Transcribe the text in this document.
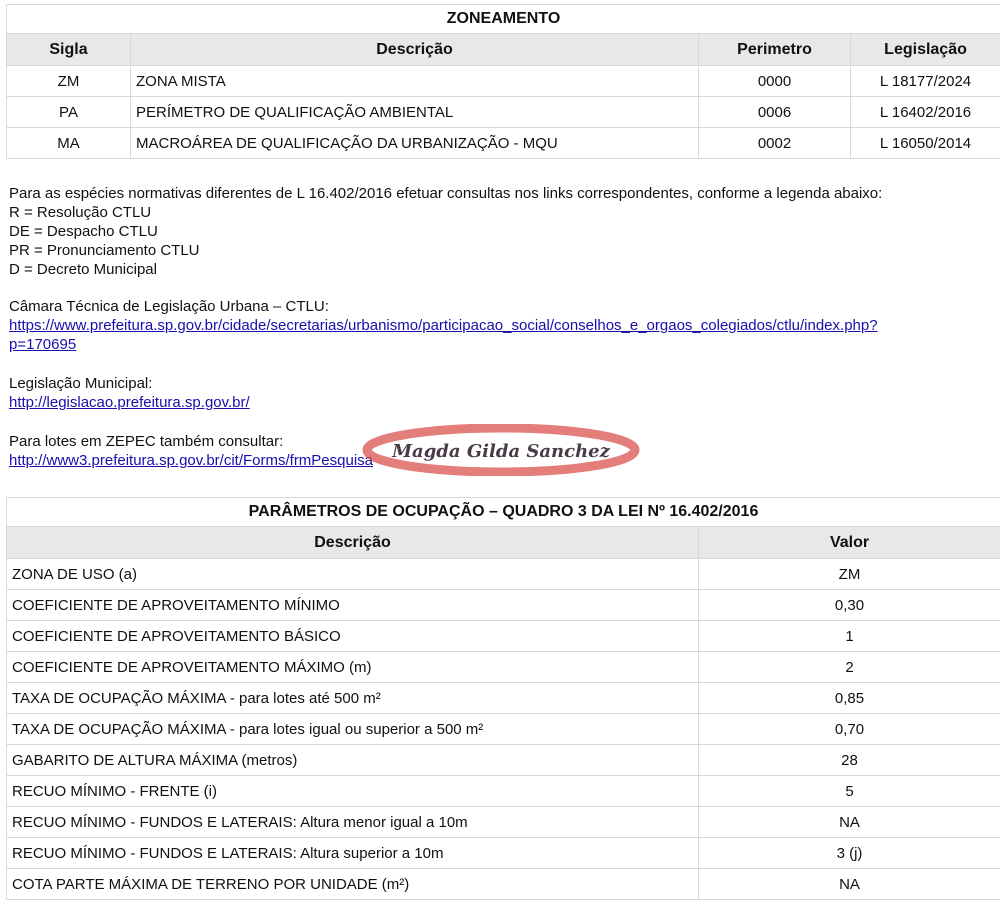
ZONEAMENTO			
Sigla	Descrição	Perimetro	Legislação
ZM	ZONA MISTA	0000	L 18177/2024
PA	PERÍMETRO DE QUALIFICAÇÃO AMBIENTAL	0006	L 16402/2016
MA	MACROÁREA DE QUALIFICAÇÃO DA URBANIZAÇÃO - MQU	0002	L 16050/2014
Para as espécies normativas diferentes de L 16.402/2016 efetuar consultas nos links correspondentes, conforme a legenda abaixo:
R = Resolução CTLU
DE = Despacho CTLU
PR = Pronunciamento CTLU
D = Decreto Municipal
Câmara Técnica de Legislação Urbana – CTLU:
https://www.prefeitura.sp.gov.br/cidade/secretarias/urbanismo/participacao_social/conselhos_e_orgaos_colegiados/ctlu/index.php?
p=170695
Legislação Municipal:
http://legislacao.prefeitura.sp.gov.br/
Para lotes em ZEPEC também consultar:
http://www3.prefeitura.sp.gov.br/cit/Forms/frmPesquisa	Magda Gilda Sanchez
PARÂMETROS DE OCUPAÇÃO – QUADRO 3 DA LEI Nº 16.402/2016	
Descrição	Valor
ZONA DE USO (a)	ZM
COEFICIENTE DE APROVEITAMENTO MÍNIMO	0,30
COEFICIENTE DE APROVEITAMENTO BÁSICO	1
COEFICIENTE DE APROVEITAMENTO MÁXIMO (m)	2
TAXA DE OCUPAÇÃO MÁXIMA - para lotes até 500 m²	0,85
TAXA DE OCUPAÇÃO MÁXIMA - para lotes igual ou superior a 500 m²	0,70
GABARITO DE ALTURA MÁXIMA (metros)	28
RECUO MÍNIMO - FRENTE (i)	5
RECUO MÍNIMO - FUNDOS E LATERAIS: Altura menor igual a 10m	NA
RECUO MÍNIMO - FUNDOS E LATERAIS: Altura superior a 10m	3 (j)
COTA PARTE MÁXIMA DE TERRENO POR UNIDADE (m²)	NA
